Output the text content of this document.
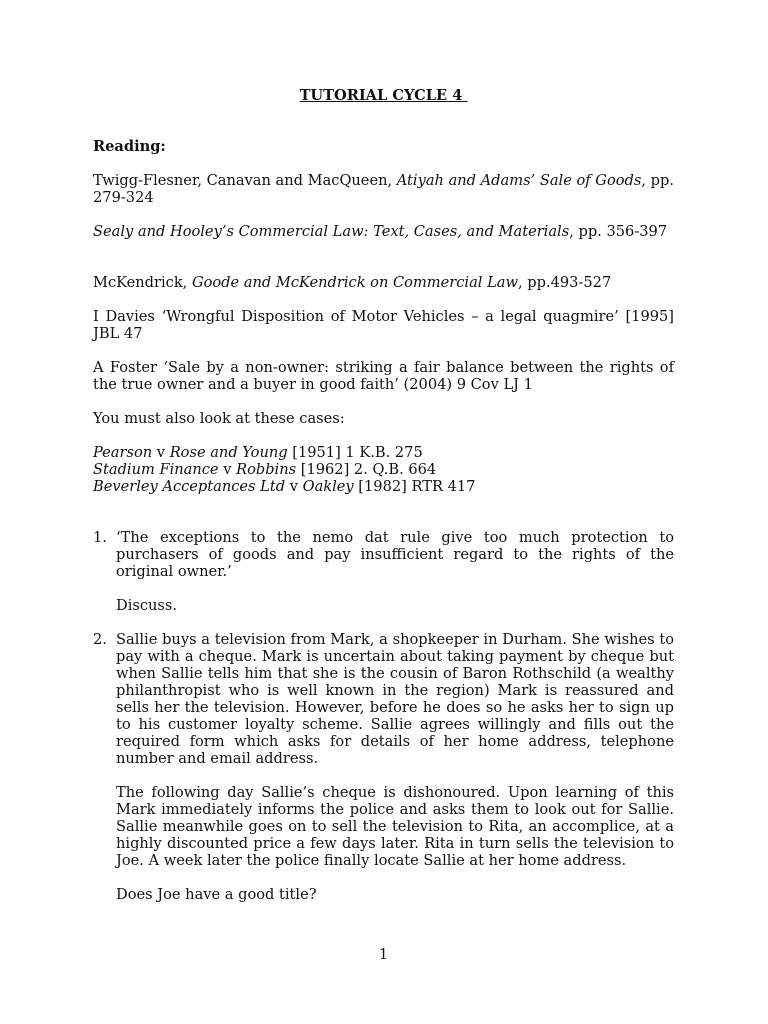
TUTORIAL CYCLE 4
Reading:

Twigg-Flesner, Canavan and MacQueen, Atiyah and Adams’ Sale of Goods, pp. 279-324

Sealy and Hooley’s Commercial Law: Text, Cases, and Materials, pp. 356-397

McKendrick, Goode and McKendrick on Commercial Law, pp.493-527

I Davies ‘Wrongful Disposition of Motor Vehicles – a legal quagmire’ [1995] JBL 47

A Foster ‘Sale by a non-owner: striking a fair balance between the rights of the true owner and a buyer in good faith’ (2004) 9 Cov LJ 1

You must also look at these cases:
Pearson v Rose and Young [1951] 1 K.B. 275
Stadium Finance v Robbins [1962] 2. Q.B. 664
Beverley Acceptances Ltd v Oakley [1982] RTR 417
1. ‘The exceptions to the nemo dat rule give too much protection to purchasers of goods and pay insufficient regard to the rights of the original owner.’

Discuss.

2. Sallie buys a television from Mark, a shopkeeper in Durham. She wishes to pay with a cheque. Mark is uncertain about taking payment by cheque but when Sallie tells him that she is the cousin of Baron Rothschild (a wealthy philanthropist who is well known in the region) Mark is reassured and sells her the television. However, before he does so he asks her to sign up to his customer loyalty scheme. Sallie agrees willingly and fills out the required form which asks for details of her home address, telephone number and email address.

The following day Sallie’s cheque is dishonoured. Upon learning of this Mark immediately informs the police and asks them to look out for Sallie. Sallie meanwhile goes on to sell the television to Rita, an accomplice, at a highly discounted price a few days later. Rita in turn sells the television to Joe. A week later the police finally locate Sallie at her home address.

Does Joe have a good title?

1
